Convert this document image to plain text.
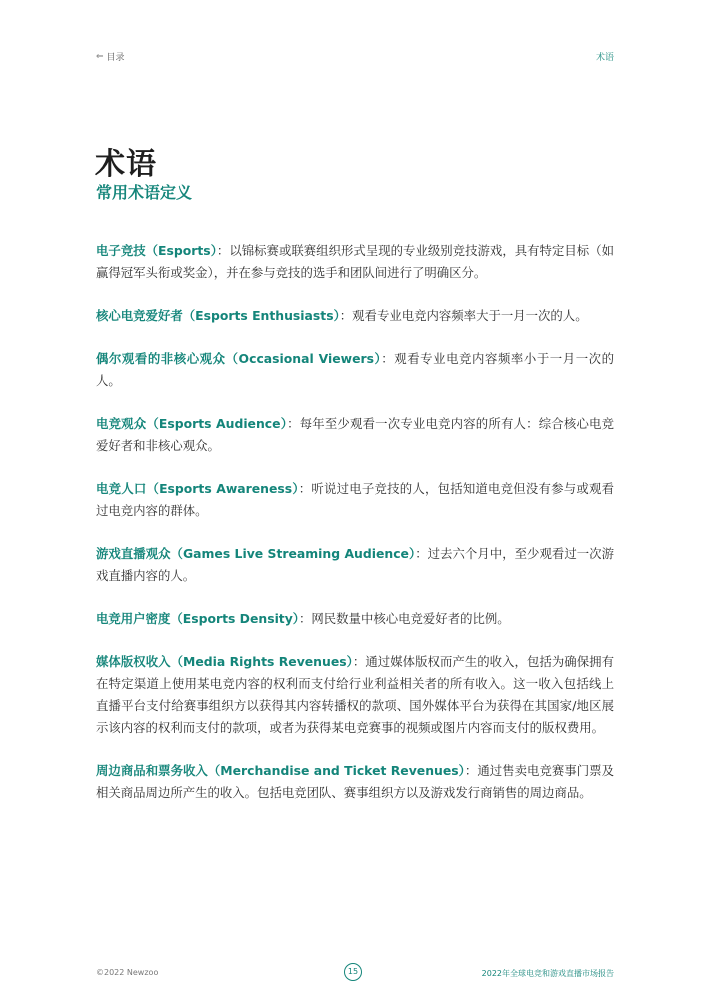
⇐ 目录	术语
术语
常用术语定义

电子竞技（Esports）：以锦标赛或联赛组织形式呈现的专业级别竞技游戏，具有特定目标（如赢得冠军头衔或奖金），并在参与竞技的选手和团队间进行了明确区分。

核心电竞爱好者（Esports Enthusiasts）：观看专业电竞内容频率大于一月一次的人。

偶尔观看的非核心观众（Occasional Viewers）：观看专业电竞内容频率小于一月一次的人。

电竞观众（Esports Audience）：每年至少观看一次专业电竞内容的所有人：综合核心电竞爱好者和非核心观众。

电竞人口（Esports Awareness）：听说过电子竞技的人，包括知道电竞但没有参与或观看过电竞内容的群体。

游戏直播观众（Games Live Streaming Audience）：过去六个月中，至少观看过一次游戏直播内容的人。

电竞用户密度（Esports Density）：网民数量中核心电竞爱好者的比例。

媒体版权收入（Media Rights Revenues）：通过媒体版权而产生的收入，包括为确保拥有在特定渠道上使用某电竞内容的权利而支付给行业利益相关者的所有收入。这一收入包括线上直播平台支付给赛事组织方以获得其内容转播权的款项、国外媒体平台为获得在其国家/地区展示该内容的权利而支付的款项，或者为获得某电竞赛事的视频或图片内容而支付的版权费用。

周边商品和票务收入（Merchandise and Ticket Revenues）：通过售卖电竞赛事门票及相关商品周边所产生的收入。包括电竞团队、赛事组织方以及游戏发行商销售的周边商品。

©2022 Newzoo	15	2022年全球电竞和游戏直播市场报告
